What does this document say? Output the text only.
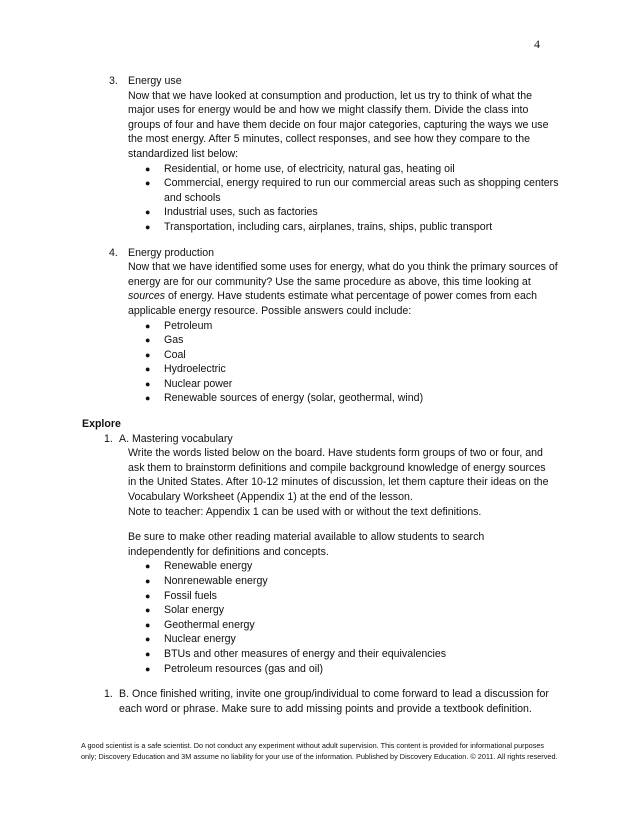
4
3. Energy use
Now that we have looked at consumption and production, let us try to think of what the major uses for energy would be and how we might classify them. Divide the class into groups of four and have them decide on four major categories, capturing the ways we use the most energy. After 5 minutes, collect responses, and see how they compare to the standardized list below:
● Residential, or home use, of electricity, natural gas, heating oil
● Commercial, energy required to run our commercial areas such as shopping centers and schools
● Industrial uses, such as factories
● Transportation, including cars, airplanes, trains, ships, public transport
4. Energy production
Now that we have identified some uses for energy, what do you think the primary sources of energy are for our community? Use the same procedure as above, this time looking at sources of energy. Have students estimate what percentage of power comes from each applicable energy resource. Possible answers could include:
● Petroleum
● Gas
● Coal
● Hydroelectric
● Nuclear power
● Renewable sources of energy (solar, geothermal, wind)
Explore
1. A. Mastering vocabulary
Write the words listed below on the board. Have students form groups of two or four, and ask them to brainstorm definitions and compile background knowledge of energy sources in the United States. After 10-12 minutes of discussion, let them capture their ideas on the Vocabulary Worksheet (Appendix 1) at the end of the lesson.
Note to teacher: Appendix 1 can be used with or without the text definitions.
Be sure to make other reading material available to allow students to search independently for definitions and concepts.
● Renewable energy
● Nonrenewable energy
● Fossil fuels
● Solar energy
● Geothermal energy
● Nuclear energy
● BTUs and other measures of energy and their equivalencies
● Petroleum resources (gas and oil)
1. B. Once finished writing, invite one group/individual to come forward to lead a discussion for each word or phrase. Make sure to add missing points and provide a textbook definition.
A good scientist is a safe scientist. Do not conduct any experiment without adult supervision. This content is provided for informational purposes only; Discovery Education and 3M assume no liability for your use of the information. Published by Discovery Education. © 2011. All rights reserved.
